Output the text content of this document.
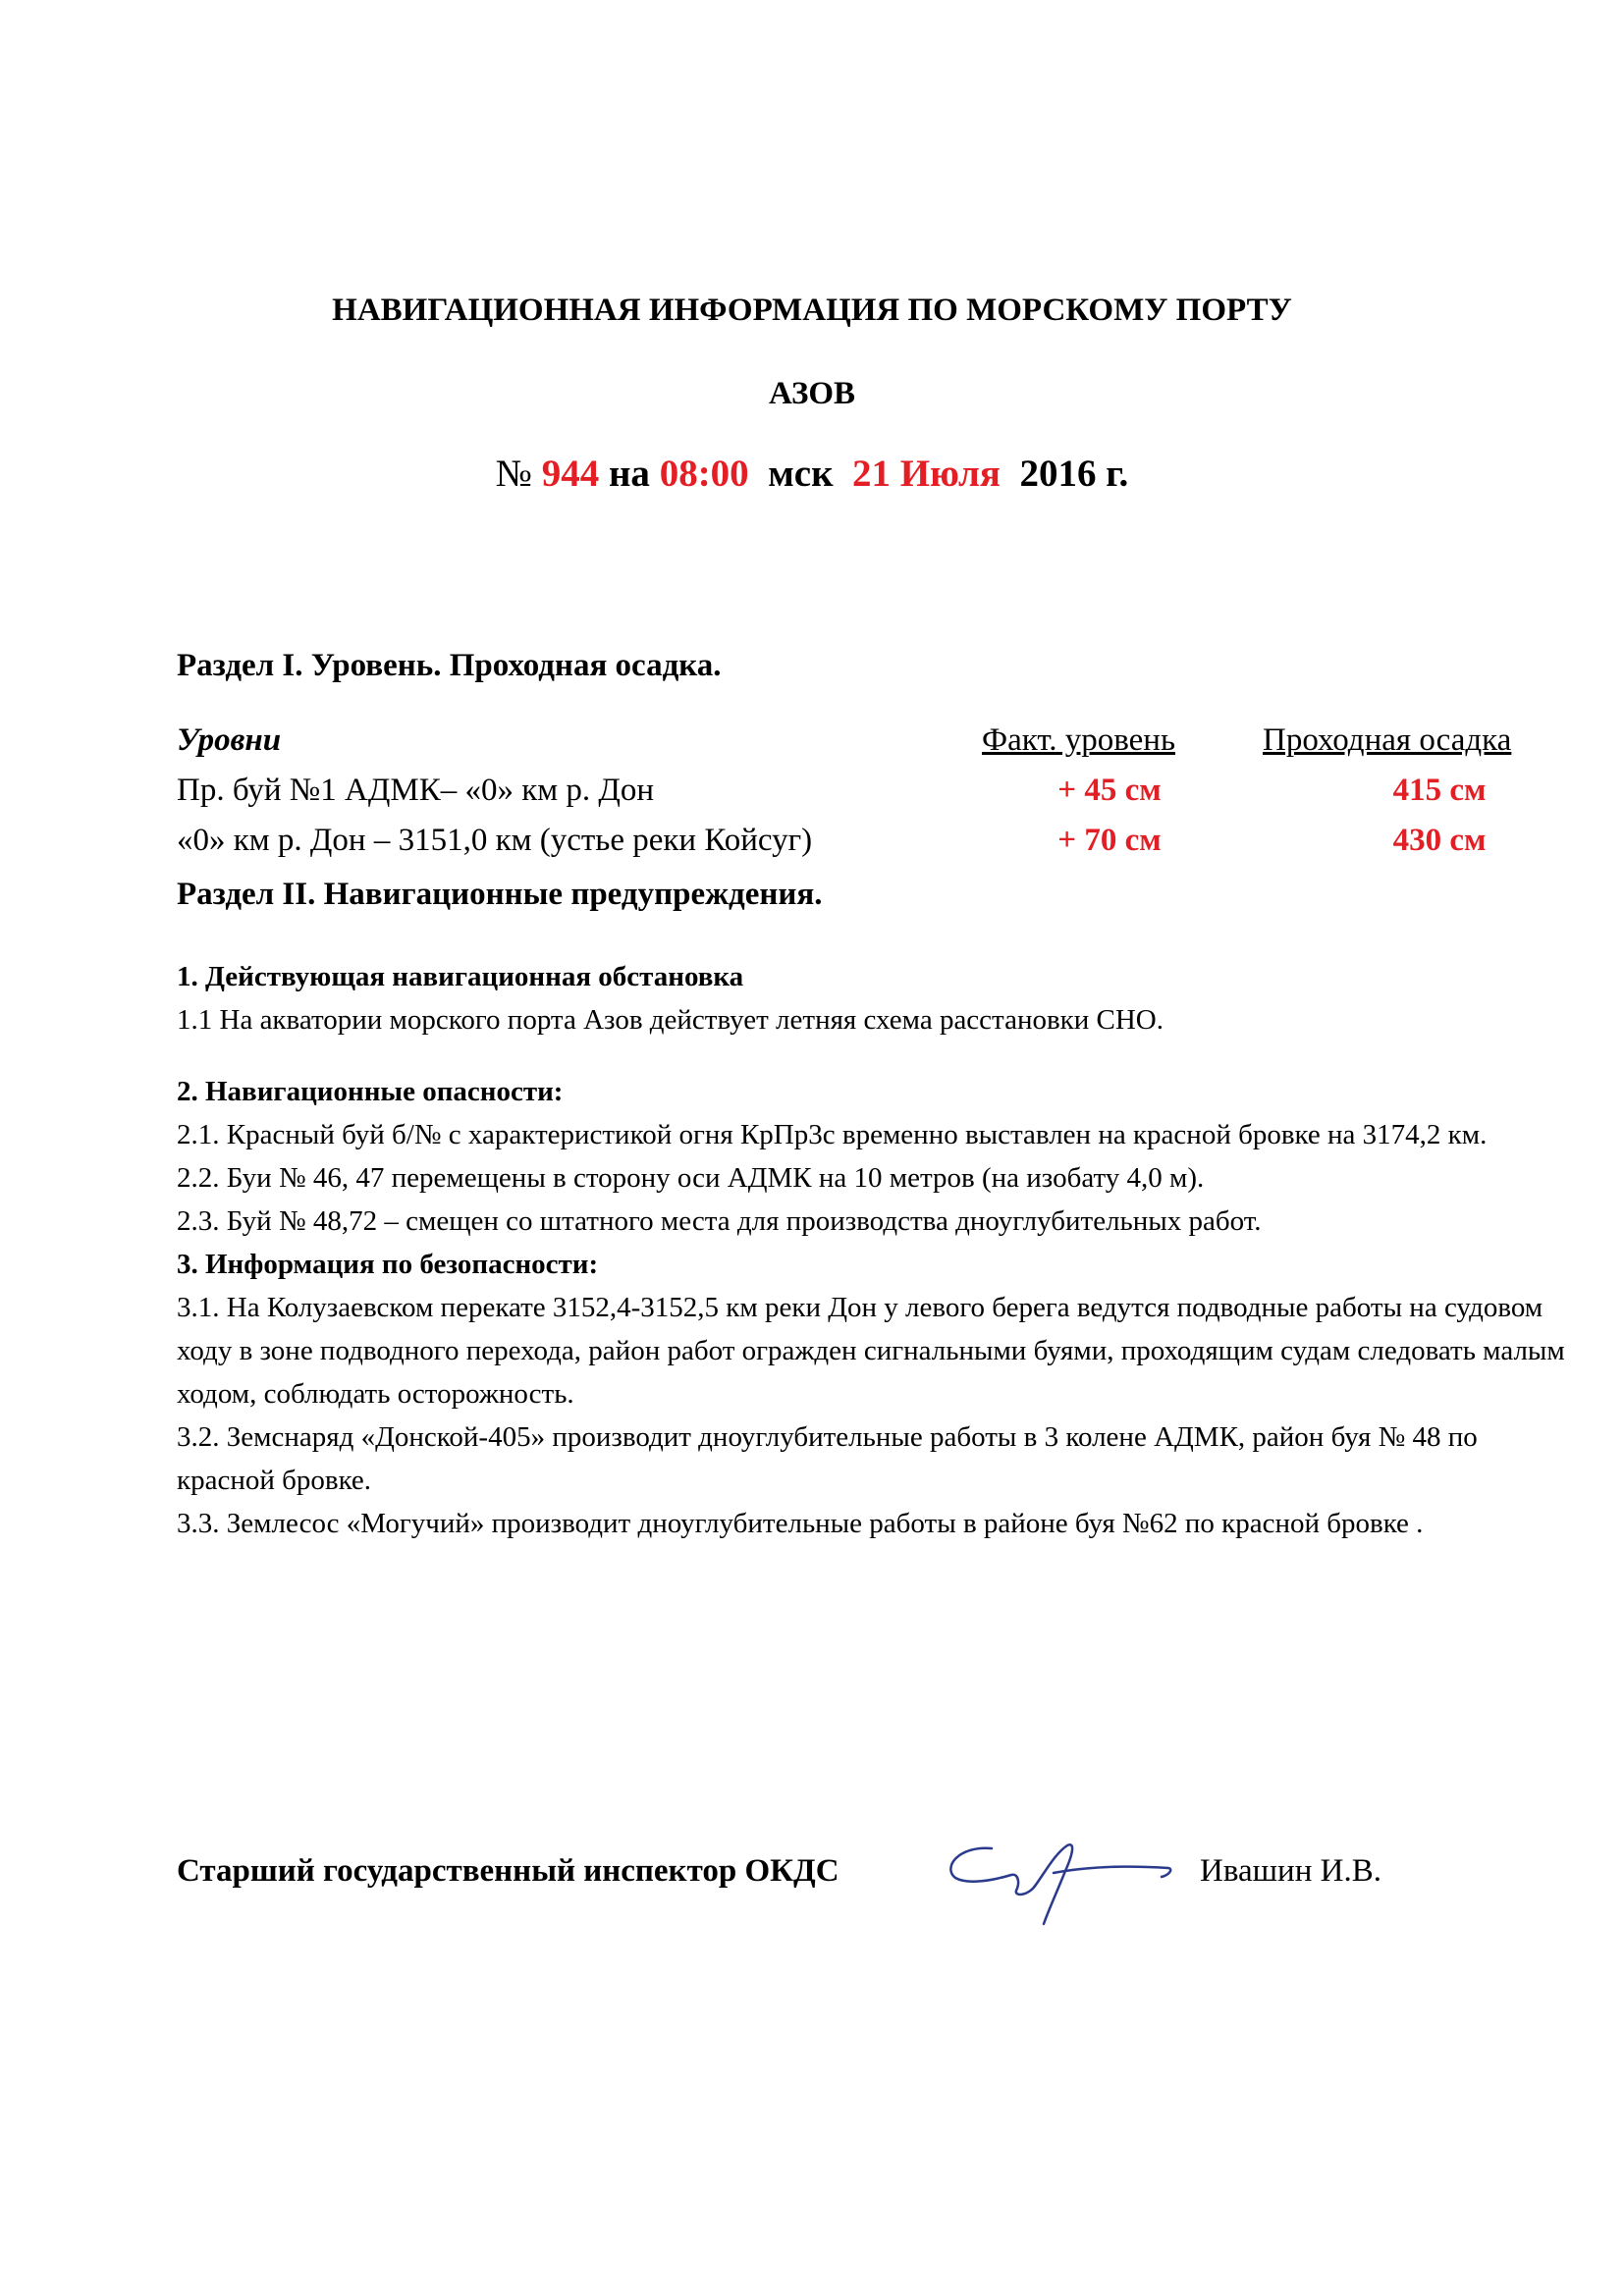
НАВИГАЦИОННАЯ ИНФОРМАЦИЯ ПО МОРСКОМУ ПОРТУ
АЗОВ
№ 944 на 08:00 мск 21 Июля 2016 г.
Раздел I. Уровень. Проходная осадка.
Уровни	Факт. уровень	Проходная осадка
Пр. буй №1 АДМК– «0» км р. Дон	+ 45 см	415 см
«0» км р. Дон – 3151,0 км (устье реки Койсуг)	+ 70 см	430 см
Раздел II. Навигационные предупреждения.

1. Действующая навигационная обстановка

1.1 На акватории морского порта Азов действует летняя схема расстановки СНО.

2. Навигационные опасности:

2.1. Красный буй б/№ с характеристикой огня КрПр3с временно выставлен на красной бровке на 3174,2 км.

2.2. Буи № 46, 47 перемещены в сторону оси АДМК на 10 метров (на изобату 4,0 м).

2.3. Буй № 48,72 – смещен со штатного места для производства дноуглубительных работ.

3. Информация по безопасности:

3.1. На Колузаевском перекате 3152,4-3152,5 км реки Дон у левого берега ведутся подводные работы на судовом ходу в зоне подводного перехода, район работ огражден сигнальными буями, проходящим судам следовать малым ходом, соблюдать осторожность.

3.2. Земснаряд «Донской-405» производит дноуглубительные работы в 3 колене АДМК, район буя № 48 по красной бровке.

3.3. Землесос «Могучий» производит дноуглубительные работы в районе буя №62 по красной бровке .

Старший государственный инспектор ОКДС	Ивашин И.В.
